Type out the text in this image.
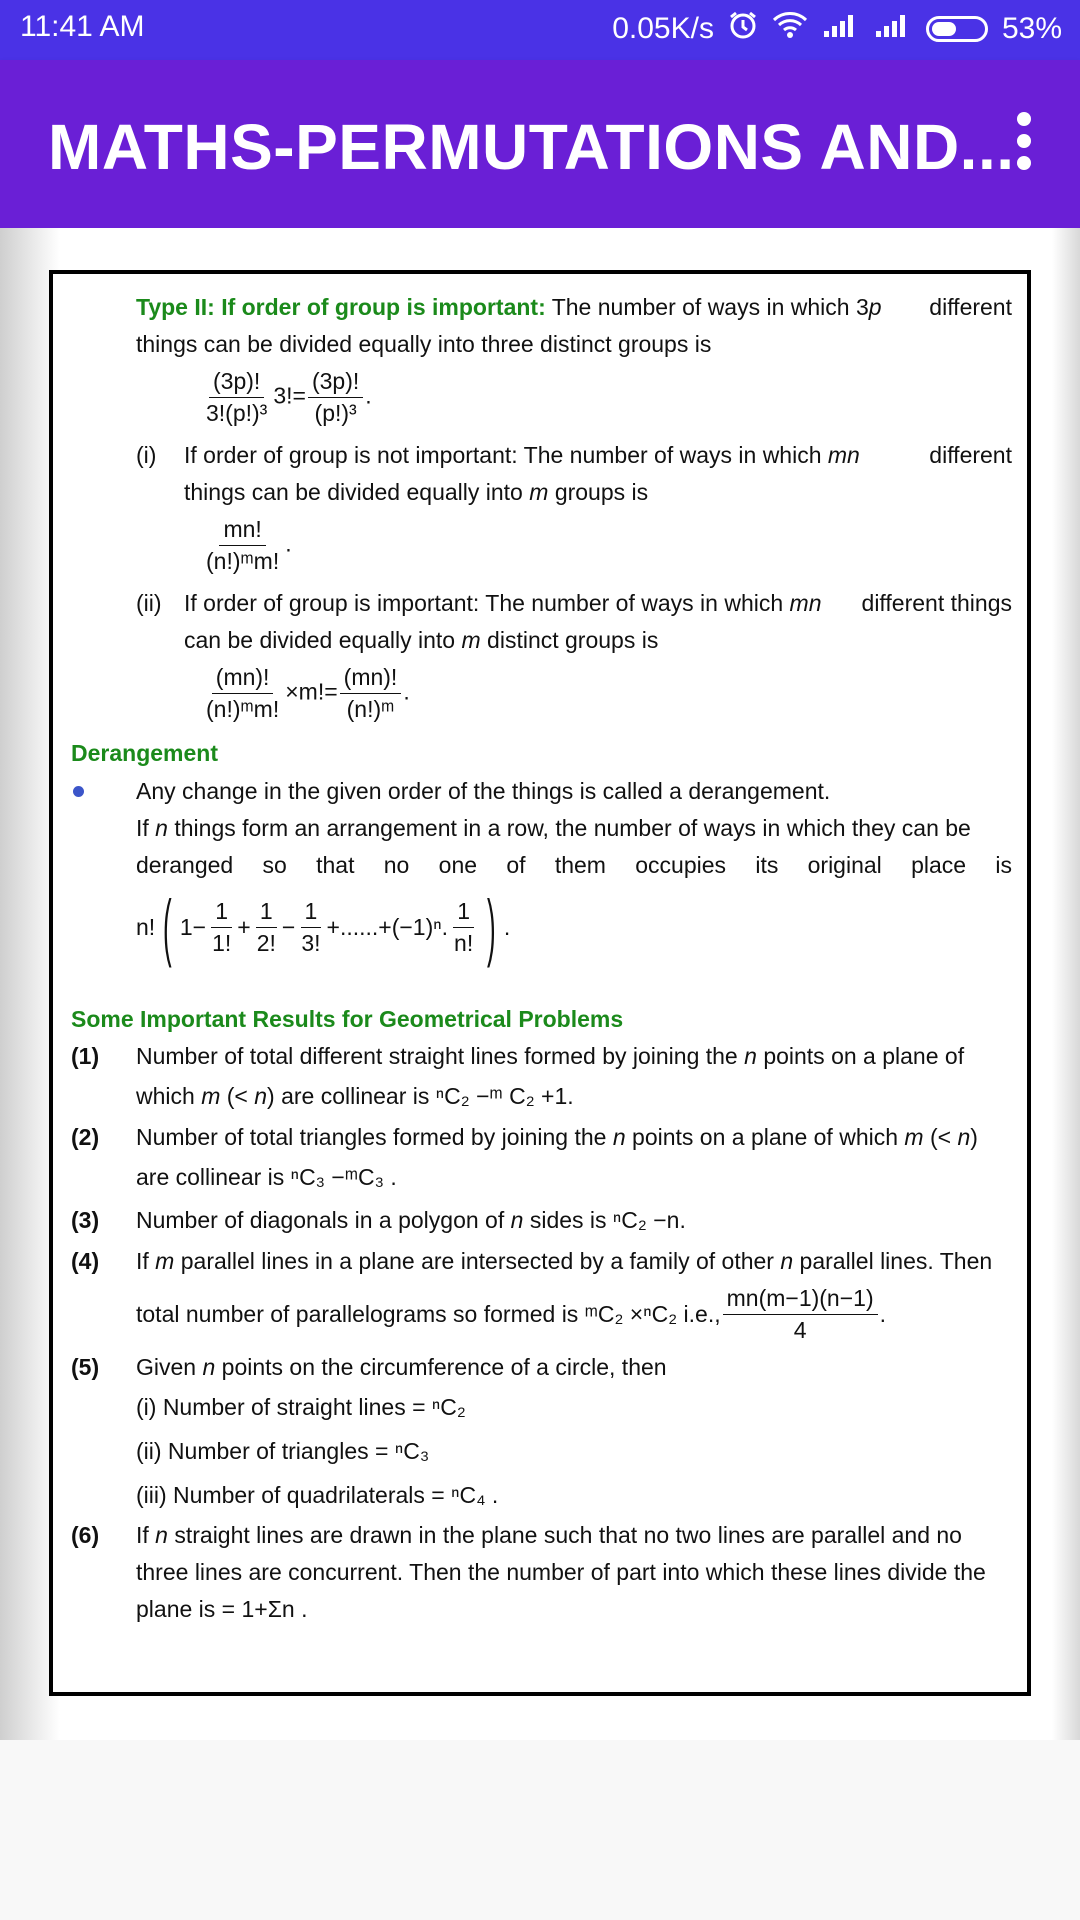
11:41 AM	0.05K/s	53%
MATHS-PERMUTATIONS AND...
Type II: If order of group is important: The number of ways in which 3p different
things can be divided equally into three distinct groups is
$\frac{(3p)!}{\text{3!(p!)³}} 3!= \frac{(3p)!}{\text{(p!)³}}$ .
(i) If order of group is not important: The number of ways in which mn	different
things can be divided equally into m groups is
$\frac{mn!}{\text{(n!)ᵐm!}}$ .
(ii) If order of group is important: The number of ways in which mn different things
can be divided equally into m distinct groups is
$\frac{(mn)!}{\text{(n!)ᵐm!}} \times m!= \frac{(mn)!}{\text{(n!)ᵐ}}$ .
Derangement
Any change in the given order of the things is called a derangement.
If n things form an arrangement in a row, the number of ways in which they can be
deranged so that no one of them occupies its original place is
n! ( $1- \frac{1}{1!} + \frac{1}{2!} - \frac{1}{3!} +......+(-1)^n$. $\frac{1}{n!}$ ) .
Some Important Results for Geometrical Problems
(1) Number of total different straight lines formed by joining the n points on a plane of
which m (< n) are collinear is ⁿC₂ −ᵐ C₂ +1.
(2) Number of total triangles formed by joining the n points on a plane of which m (< n)
are collinear is ⁿC₃ −ᵐC₃ .
(3) Number of diagonals in a polygon of n sides is ⁿC₂ −n.
(4) If m parallel lines in a plane are intersected by a family of other n parallel lines. Then
total number of parallelograms so formed is ᵐC₂ ×ⁿC₂ i.e., $\frac{mn(m-1)(n-1)}{4}$ .
(5) Given n points on the circumference of a circle, then
(i) Number of straight lines = ⁿC₂
(ii) Number of triangles = ⁿC₃
(iii) Number of quadrilaterals = ⁿC₄ .
(6) If n straight lines are drawn in the plane such that no two lines are parallel and no
three lines are concurrent. Then the number of part into which these lines divide the
plane is = 1+Σn .
